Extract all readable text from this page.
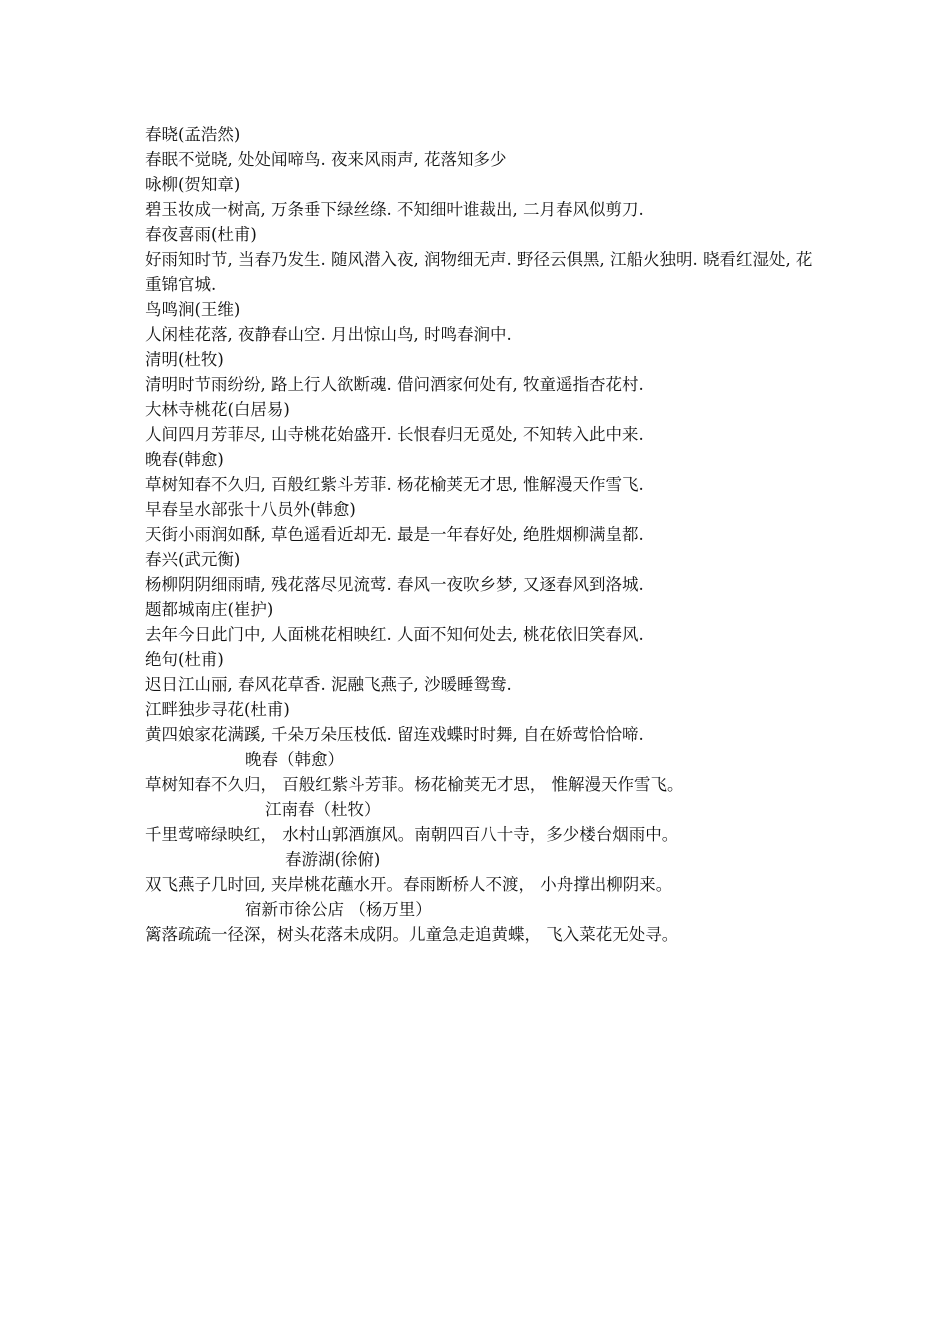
春晓(孟浩然)

春眠不觉晓, 处处闻啼鸟. 夜来风雨声, 花落知多少

咏柳(贺知章)

碧玉妆成一树高, 万条垂下绿丝绦. 不知细叶谁裁出, 二月春风似剪刀.

春夜喜雨(杜甫)

好雨知时节, 当春乃发生. 随风潜入夜, 润物细无声. 野径云俱黑, 江船火独明. 晓看红湿处, 花重锦官城.

鸟鸣涧(王维)

人闲桂花落, 夜静春山空. 月出惊山鸟, 时鸣春涧中.

清明(杜牧)

清明时节雨纷纷, 路上行人欲断魂. 借问酒家何处有, 牧童遥指杏花村.

大林寺桃花(白居易)

人间四月芳菲尽, 山寺桃花始盛开. 长恨春归无觅处, 不知转入此中来.

晚春(韩愈)

草树知春不久归, 百般红紫斗芳菲. 杨花榆荚无才思, 惟解漫天作雪飞.

早春呈水部张十八员外(韩愈)

天街小雨润如酥, 草色遥看近却无. 最是一年春好处, 绝胜烟柳满皇都.

春兴(武元衡)

杨柳阴阴细雨晴, 残花落尽见流莺. 春风一夜吹乡梦, 又逐春风到洛城.

题都城南庄(崔护)

去年今日此门中, 人面桃花相映红. 人面不知何处去, 桃花依旧笑春风.

绝句(杜甫)

迟日江山丽, 春风花草香. 泥融飞燕子, 沙暖睡鸳鸯.

江畔独步寻花(杜甫)

黄四娘家花满蹊, 千朵万朵压枝低. 留连戏蝶时时舞, 自在娇莺恰恰啼.

晚春（韩愈）

草树知春不久归， 百般红紫斗芳菲。杨花榆荚无才思， 惟解漫天作雪飞。

江南春（杜牧）

千里莺啼绿映红， 水村山郭酒旗风。南朝四百八十寺，多少楼台烟雨中。

春游湖(徐俯)

双飞燕子几时回, 夹岸桃花蘸水开。春雨断桥人不渡， 小舟撑出柳阴来。

宿新市徐公店 （杨万里）

篱落疏疏一径深，树头花落未成阴。儿童急走追黄蝶， 飞入菜花无处寻。
